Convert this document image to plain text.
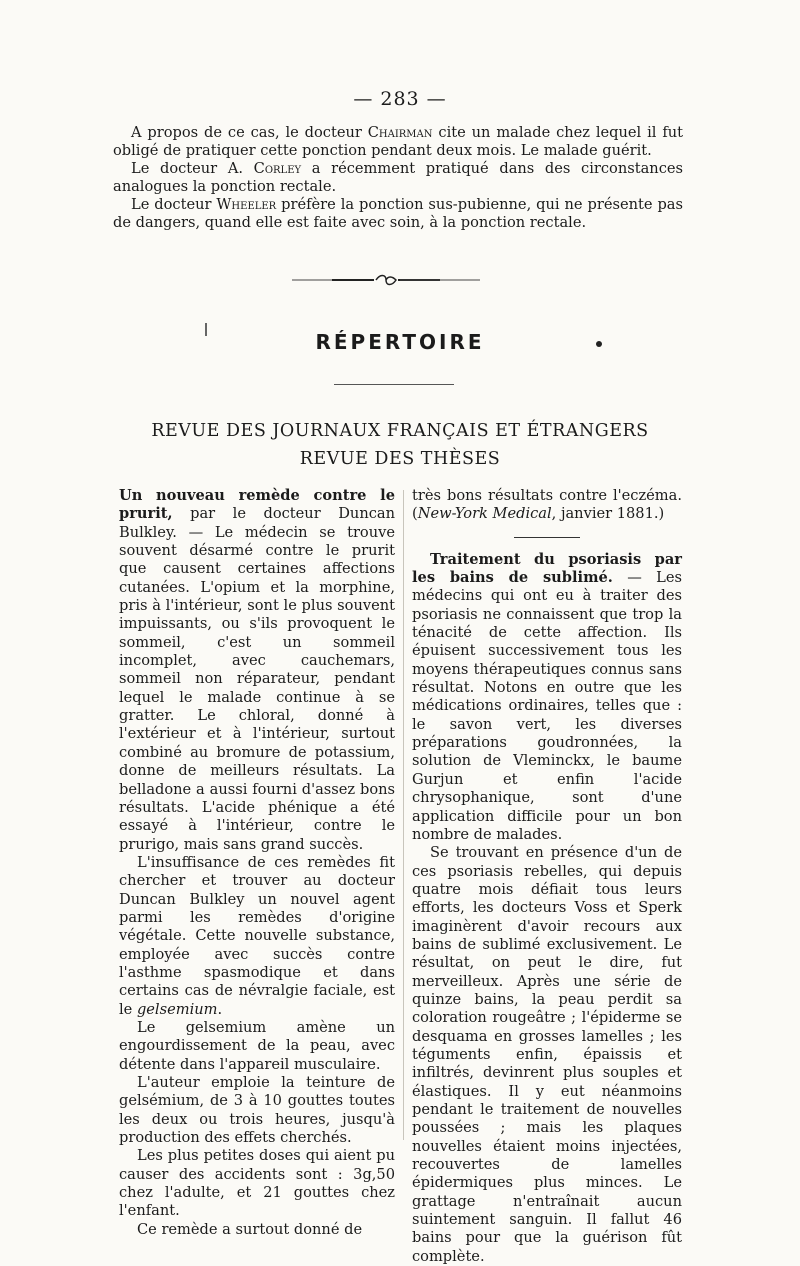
— 283 —

A propos de ce cas, le docteur Chairman cite un malade chez lequel il fut obligé de pratiquer cette ponction pendant deux mois. Le malade guérit.

Le docteur A. Corley a récemment pratiqué dans des circonstances analogues la ponction rectale.

Le docteur Wheeler préfère la ponction sus-pubienne, qui ne présente pas de dangers, quand elle est faite avec soin, à la ponction rectale.

RÉPERTOIRE
REVUE DES JOURNAUX FRANÇAIS ET ÉTRANGERS
REVUE DES THÈSES

Un nouveau remède contre le prurit, par le docteur Duncan Bulkley. — Le médecin se trouve souvent désarmé contre le prurit que causent certaines affections cutanées. L'opium et la morphine, pris à l'intérieur, sont le plus souvent impuissants, ou s'ils provoquent le sommeil, c'est un sommeil incomplet, avec cauchemars, sommeil non réparateur, pendant lequel le malade continue à se gratter. Le chloral, donné à l'extérieur et à l'intérieur, surtout combiné au bromure de potassium, donne de meilleurs résultats. La belladone a aussi fourni d'assez bons résultats. L'acide phénique a été essayé à l'intérieur, contre le prurigo, mais sans grand succès.

L'insuffisance de ces remèdes fit chercher et trouver au docteur Duncan Bulkley un nouvel agent parmi les remèdes d'origine végétale. Cette nouvelle substance, employée avec succès contre l'asthme spasmodique et dans certains cas de névralgie faciale, est le gelsemium.

Le gelsemium amène un engourdissement de la peau, avec détente dans l'appareil musculaire.

L'auteur emploie la teinture de gelsémium, de 3 à 10 gouttes toutes les deux ou trois heures, jusqu'à production des effets cherchés.

Les plus petites doses qui aient pu causer des accidents sont : 3g,50 chez l'adulte, et 21 gouttes chez l'enfant.

Ce remède a surtout donné de

très bons résultats contre l'eczéma. (New-York Medical, janvier 1881.)

Traitement du psoriasis par les bains de sublimé. — Les médecins qui ont eu à traiter des psoriasis ne connaissent que trop la ténacité de cette affection. Ils épuisent successivement tous les moyens thérapeutiques connus sans résultat. Notons en outre que les médications ordinaires, telles que : le savon vert, les diverses préparations goudronnées, la solution de Vleminckx, le baume Gurjun et enfin l'acide chrysophanique, sont d'une application difficile pour un bon nombre de malades.

Se trouvant en présence d'un de ces psoriasis rebelles, qui depuis quatre mois défiait tous leurs efforts, les docteurs Voss et Sperk imaginèrent d'avoir recours aux bains de sublimé exclusivement. Le résultat, on peut le dire, fut merveilleux. Après une série de quinze bains, la peau perdit sa coloration rougeâtre ; l'épiderme se desquama en grosses lamelles ; les téguments enfin, épaissis et infiltrés, devinrent plus souples et élastiques. Il y eut néanmoins pendant le traitement de nouvelles poussées ; mais les plaques nouvelles étaient moins injectées, recouvertes de lamelles épidermiques plus minces. Le grattage n'entraînait aucun suintement sanguin. Il fallut 46 bains pour que la guérison fût complète.
